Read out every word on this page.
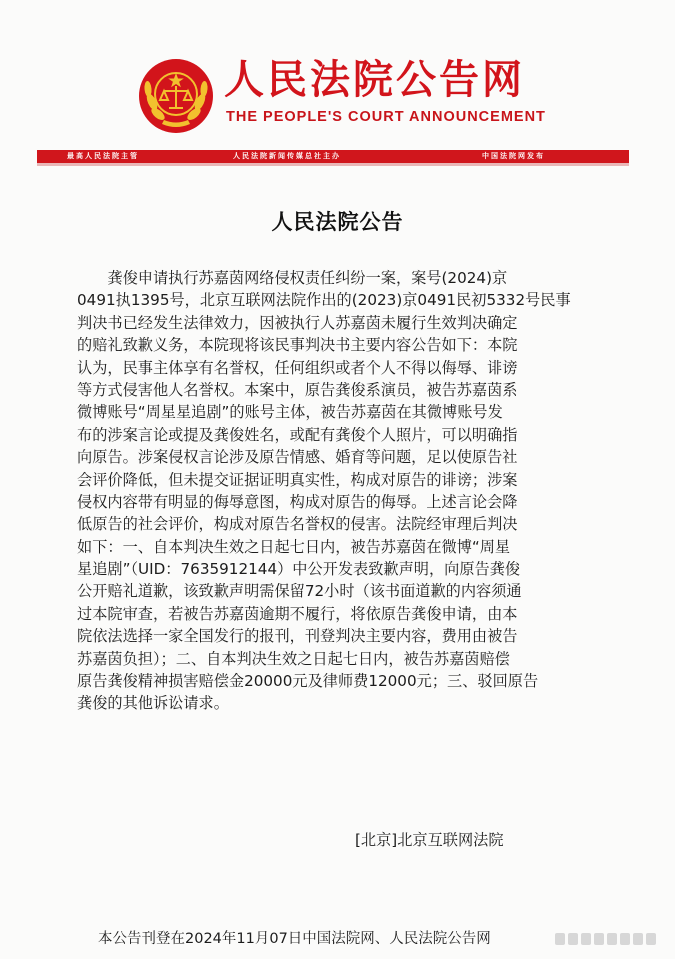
人民法院公告网
THE PEOPLE'S COURT ANNOUNCEMENT
最高人民法院主管	人民法院新闻传媒总社主办	中国法院网发布
人民法院公告
　　龚俊申请执行苏嘉茵网络侵权责任纠纷一案，案号(2024)京
0491执1395号，北京互联网法院作出的(2023)京0491民初5332号民事
判决书已经发生法律效力，因被执行人苏嘉茵未履行生效判决确定
的赔礼致歉义务，本院现将该民事判决书主要内容公告如下：本院
认为，民事主体享有名誉权，任何组织或者个人不得以侮辱、诽谤
等方式侵害他人名誉权。本案中，原告龚俊系演员，被告苏嘉茵系
微博账号“周星星追剧”的账号主体，被告苏嘉茵在其微博账号发
布的涉案言论或提及龚俊姓名，或配有龚俊个人照片，可以明确指
向原告。涉案侵权言论涉及原告情感、婚育等问题，足以使原告社
会评价降低，但未提交证据证明真实性，构成对原告的诽谤；涉案
侵权内容带有明显的侮辱意图，构成对原告的侮辱。上述言论会降
低原告的社会评价，构成对原告名誉权的侵害。法院经审理后判决
如下：一、自本判决生效之日起七日内，被告苏嘉茵在微博“周星
星追剧”（UID：7635912144）中公开发表致歉声明，向原告龚俊
公开赔礼道歉，该致歉声明需保留72小时（该书面道歉的内容须通
过本院审查，若被告苏嘉茵逾期不履行，将依原告龚俊申请，由本
院依法选择一家全国发行的报刊，刊登判决主要内容，费用由被告
苏嘉茵负担）；二、自本判决生效之日起七日内，被告苏嘉茵赔偿
原告龚俊精神损害赔偿金20000元及律师费12000元；三、驳回原告
龚俊的其他诉讼请求。
[北京]北京互联网法院
本公告刊登在2024年11月07日中国法院网、人民法院公告网
